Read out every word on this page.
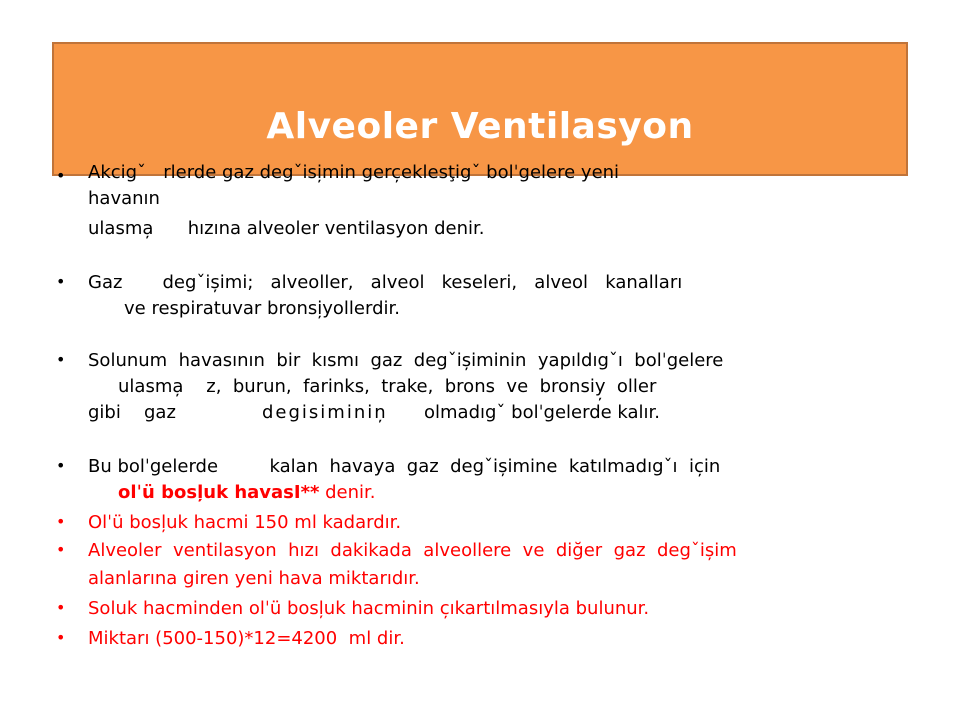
Alveoler Ventilasyon
• Akcigˇ   rlerde gaz degˇisi̦min gerc̦eklesţigˇ bolˈgelere yeni
havanın
ulasma̦      hızına alveoler ventilasyon denir.
• Gaz       degˇișimi;   alveoller,   alveol   keseleri,   alveol   kanalları
ve respiratuvar bronsi̦yollerdir.
• Solunum  havasının  bir  kısmı  gaz  degˇișiminin  yapıldıgˇı  bolˈgelere
ulasma̦    z,  burun,  farinks,  trake,  brons  ve  bronsiy̦  oller
gibi gaz	degisiminin̦ olmadıgˇ bolˈgelerde kalır.
• Bu bolˈgelerde         kalan  havaya  gaz  degˇișimine  katılmadıgˇı  ic̦in
olˈü bosļuk havasI** denir.
• Olˈü bosļuk hacmi 150 ml kadardır.
• Alveoler  ventilasyon  hızı  dakikada  alveollere  ve  diğer  gaz  degˇișim
alanlarına giren yeni hava miktarıdır.
• Soluk hacminden olˈü bosļuk hacminin c̦ıkartılmasıyla bulunur.
• Miktarı (500-150)*12=4200  ml dir.
